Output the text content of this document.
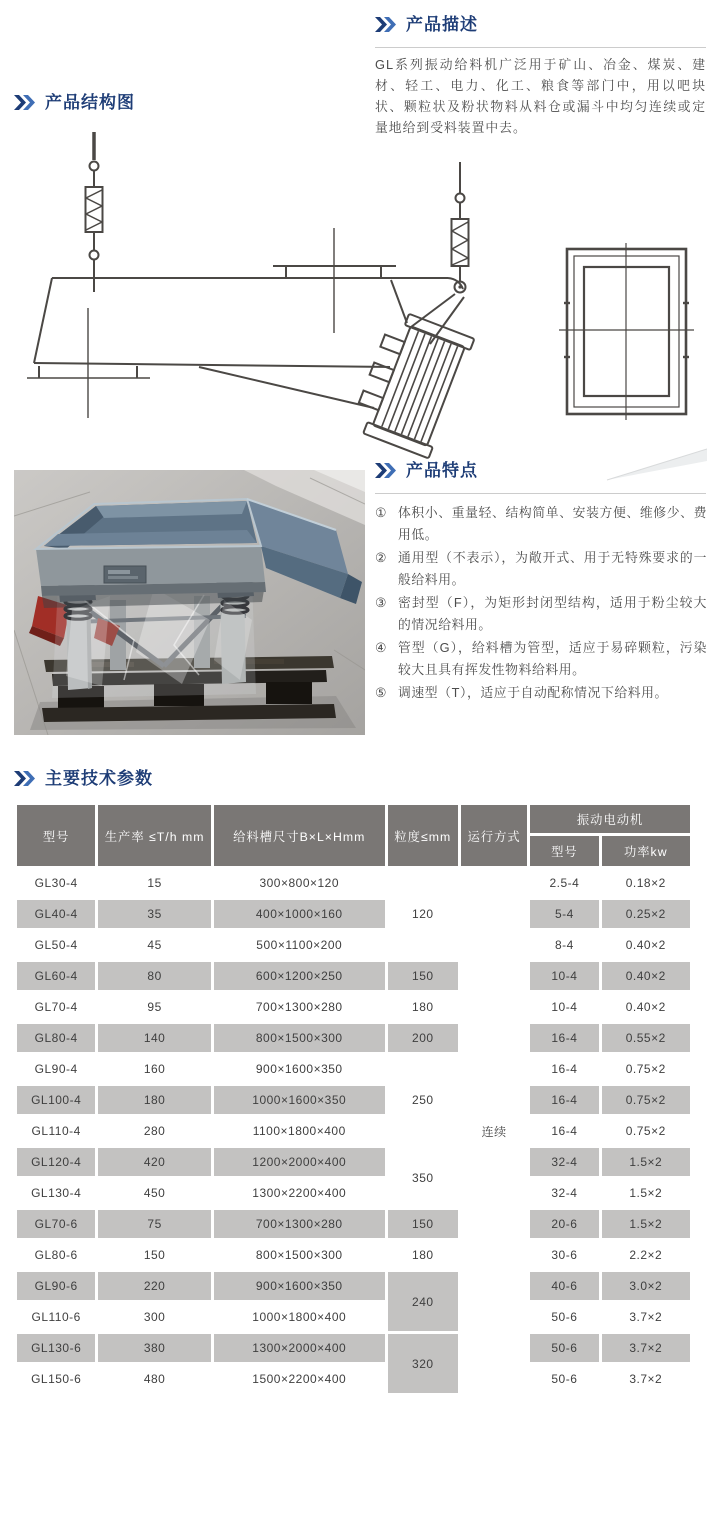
产品描述

GL系列振动给料机广泛用于矿山、冶金、煤炭、建材、轻工、电力、化工、粮食等部门中，用以吧块状、颗粒状及粉状物料从料仓或漏斗中均匀连续或定量地给到受料装置中去。

产品结构图
产品特点
① 体积小、重量轻、结构简单、安装方便、维修少、费用低。
② 通用型（不表示），为敞开式、用于无特殊要求的一般给料用。
③ 密封型（F），为矩形封闭型结构，适用于粉尘较大的情况给料用。
④ 管型（G），给料槽为管型，适应于易碎颗粒，污染较大且具有挥发性物料给料用。
⑤ 调速型（T），适应于自动配称情况下给料用。
主要技术参数
型号	生产率 ≤T/h mm	给料槽尺寸B×L×Hmm	粒度≤mm	运行方式	振动电动机	
					型号	功率kw
GL30-4	15	300×800×120	120	连续	2.5-4	0.18×2
GL40-4	35	400×1000×160			5-4	0.25×2
GL50-4	45	500×1100×200			8-4	0.40×2
GL60-4	80	600×1200×250	150		10-4	0.40×2
GL70-4	95	700×1300×280	180		10-4	0.40×2
GL80-4	140	800×1500×300	200		16-4	0.55×2
GL90-4	160	900×1600×350	250		16-4	0.75×2
GL100-4	180	1000×1600×350			16-4	0.75×2
GL110-4	280	1100×1800×400			16-4	0.75×2
GL120-4	420	1200×2000×400	350		32-4	1.5×2
GL130-4	450	1300×2200×400			32-4	1.5×2
GL70-6	75	700×1300×280	150		20-6	1.5×2
GL80-6	150	800×1500×300	180		30-6	2.2×2
GL90-6	220	900×1600×350	240		40-6	3.0×2
GL110-6	300	1000×1800×400			50-6	3.7×2
GL130-6	380	1300×2000×400	320		50-6	3.7×2
GL150-6	480	1500×2200×400			50-6	3.7×2
